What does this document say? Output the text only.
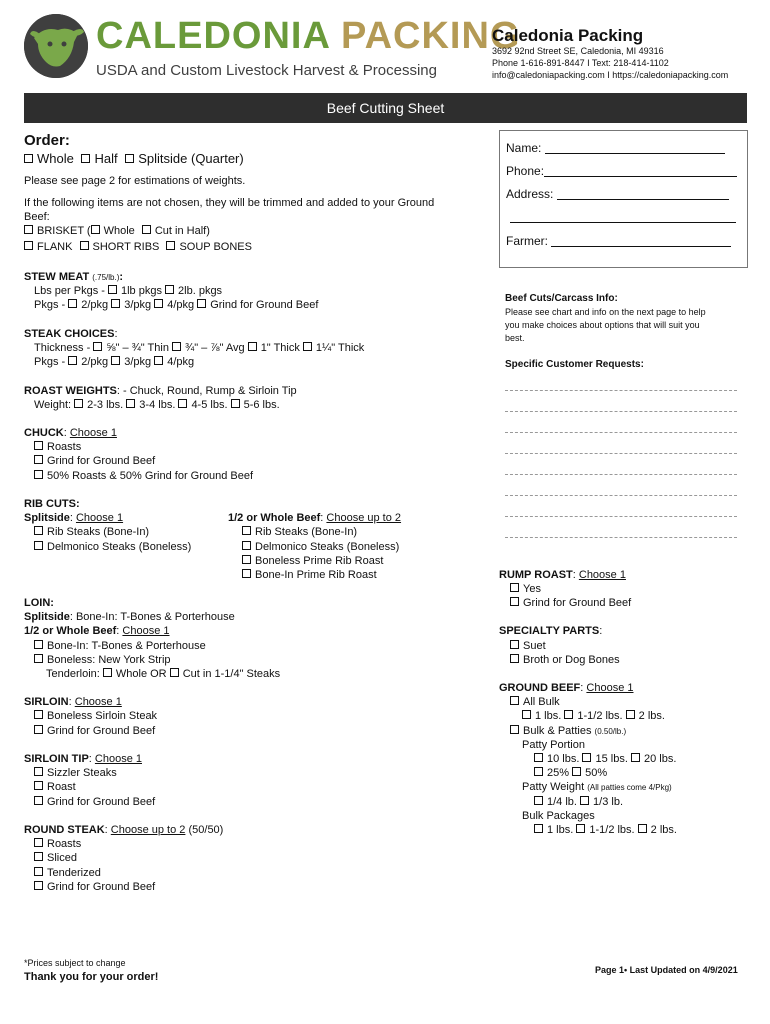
CALEDONIA PACKING
USDA and Custom Livestock Harvest & Processing
Caledonia Packing
3692 92nd Street SE, Caledonia, MI 49316
Phone 1-616-891-8447 I Text: 218-414-1102
info@caledoniapacking.com I https://caledoniapacking.com
Beef Cutting Sheet
Name:
Phone:
Address:
Farmer:
Order:
Whole Half Splitside (Quarter)
Please see page 2 for estimations of weights.
If the following items are not chosen, they will be trimmed and added to your Ground
Beef:
BRISKET ( Whole Cut in Half)
FLANK SHORT RIBS SOUP BONES
STEW MEAT (.75/lb.):
Lbs per Pkgs - 1lb pkgs 2lb. pkgs
Pkgs - 2/pkg 3/pkg 4/pkg Grind for Ground Beef
STEAK CHOICES:
Thickness - ⅝" – ¾" Thin ¾" – ⅞" Avg 1" Thick 1¼" Thick
Pkgs - 2/pkg 3/pkg 4/pkg
ROAST WEIGHTS: - Chuck, Round, Rump & Sirloin Tip
Weight: 2-3 lbs. 3-4 lbs. 4-5 lbs. 5-6 lbs.
CHUCK: Choose 1
Roasts
Grind for Ground Beef
50% Roasts & 50% Grind for Ground Beef
RIB CUTS:
Splitside: Choose 1
Rib Steaks (Bone-In)
Delmonico Steaks (Boneless)
1/2 or Whole Beef: Choose up to 2
Rib Steaks (Bone-In)
Delmonico Steaks (Boneless)
Boneless Prime Rib Roast
Bone-In Prime Rib Roast
LOIN:
Splitside: Bone-In: T-Bones & Porterhouse
1/2 or Whole Beef: Choose 1
Bone-In: T-Bones & Porterhouse
Boneless: New York Strip
Tenderloin: Whole OR Cut in 1-1/4" Steaks
SIRLOIN: Choose 1
Boneless Sirloin Steak
Grind for Ground Beef
SIRLOIN TIP: Choose 1
Sizzler Steaks
Roast
Grind for Ground Beef
ROUND STEAK: Choose up to 2 (50/50)
Roasts
Sliced
Tenderized
Grind for Ground Beef
Beef Cuts/Carcass Info:
Please see chart and info on the next page to help
you make choices about options that will suit you
best.
Specific Customer Requests:
RUMP ROAST: Choose 1
Yes
Grind for Ground Beef
SPECIALTY PARTS:
Suet
Broth or Dog Bones
GROUND BEEF: Choose 1
All Bulk
1 lbs. 1-1/2 lbs. 2 lbs.
Bulk & Patties (0.50/lb.)
Patty Portion
10 lbs. 15 lbs. 20 lbs.
25% 50%
Patty Weight (All patties come 4/Pkg)
1/4 lb. 1/3 lb.
Bulk Packages
1 lbs. 1-1/2 lbs. 2 lbs.
*Prices subject to change
Thank you for your order!
Page 1• Last Updated on 4/9/2021
